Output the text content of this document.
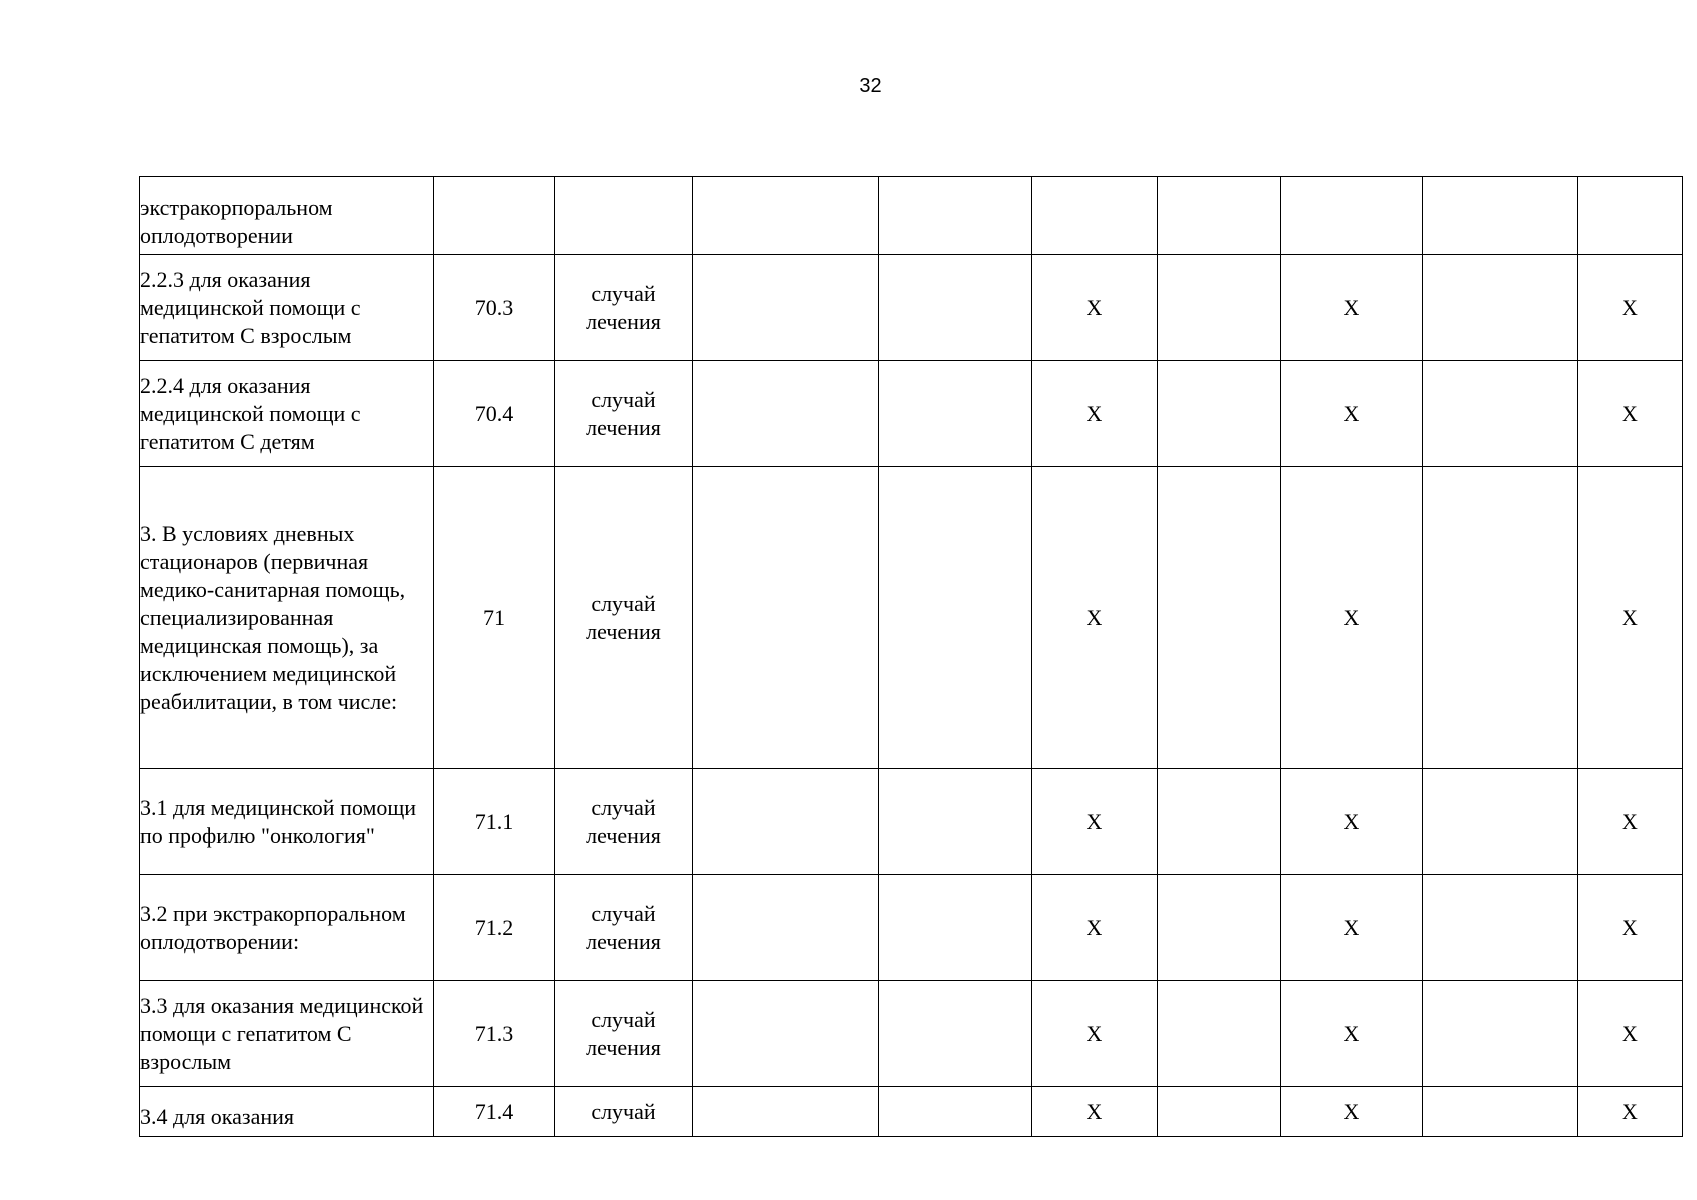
32
экстракорпоральном оплодотворении									

2.2.3 для оказания медицинской помощи с гепатитом С взрослым	70.3	случай лечения			X		X		X

2.2.4 для оказания медицинской помощи с гепатитом С детям	70.4	случай лечения			X		X		X

3. В условиях дневных стационаров (первичная медико-санитарная помощь, специализированная медицинская помощь), за исключением медицинской реабилитации, в том числе:	71	случай лечения			X		X		X

3.1 для медицинской помощи по профилю "онкология"	71.1	случай лечения			X		X		X

3.2 при экстракорпоральном оплодотворении:	71.2	случай лечения			X		X		X

3.3 для оказания медицинской помощи с гепатитом С взрослым	71.3	случай лечения			X		X		X

3.4 для оказания	71.4	случай			X		X		X
